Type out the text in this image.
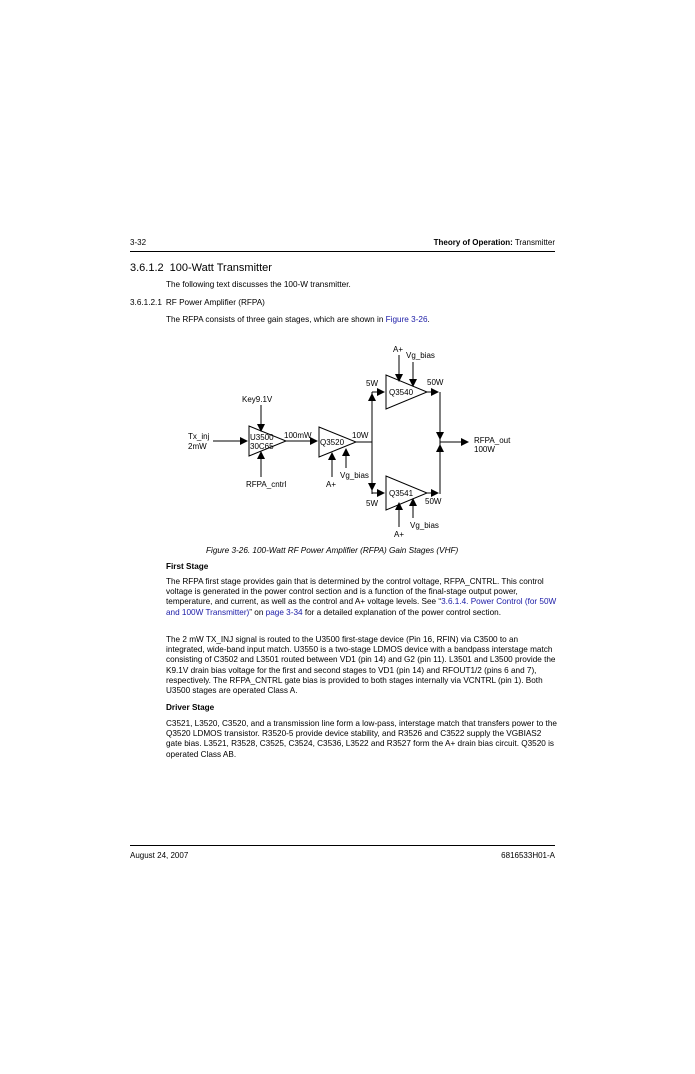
3-32	Theory of Operation: Transmitter
3.6.1.2 100-Watt Transmitter
The following text discusses the 100-W transmitter.
3.6.1.2.1 RF Power Amplifier (RFPA)
The RFPA consists of three gain stages, which are shown in Figure 3-26.
Tx_inj
2mW
Key9.1V
U3500
30C65
RFPA_cntrl
100mW
Q3520
10W
Vg_bias
A+
A+
Vg_bias
5W
Q3540
50W
5W
Q3541
50W
Vg_bias
A+
RFPA_out
100W
Figure 3-26. 100-Watt RF Power Amplifier (RFPA) Gain Stages (VHF)
First Stage
The RFPA first stage provides gain that is determined by the control voltage, RFPA_CNTRL. This control voltage is generated in the power control section and is a function of the final-stage output power, temperature, and current, as well as the control and A+ voltage levels. See “3.6.1.4. Power Control (for 50W and 100W Transmitter)” on page 3-34 for a detailed explanation of the power control section.
The 2 mW TX_INJ signal is routed to the U3500 first-stage device (Pin 16, RFIN) via C3500 to an integrated, wide-band input match. U3550 is a two-stage LDMOS device with a bandpass interstage match consisting of C3502 and L3501 routed between VD1 (pin 14) and G2 (pin 11). L3501 and L3500 provide the K9.1V drain bias voltage for the first and second stages to VD1 (pin 14) and RFOUT1/2 (pins 6 and 7), respectively. The RFPA_CNTRL gate bias is provided to both stages internally via VCNTRL (pin 1). Both U3500 stages are operated Class A.
Driver Stage
C3521, L3520, C3520, and a transmission line form a low-pass, interstage match that transfers power to the Q3520 LDMOS transistor. R3520-5 provide device stability, and R3526 and C3522 supply the VGBIAS2 gate bias. L3521, R3528, C3525, C3524, C3536, L3522 and R3527 form the A+ drain bias circuit. Q3520 is operated Class AB.
August 24, 2007	6816533H01-A
